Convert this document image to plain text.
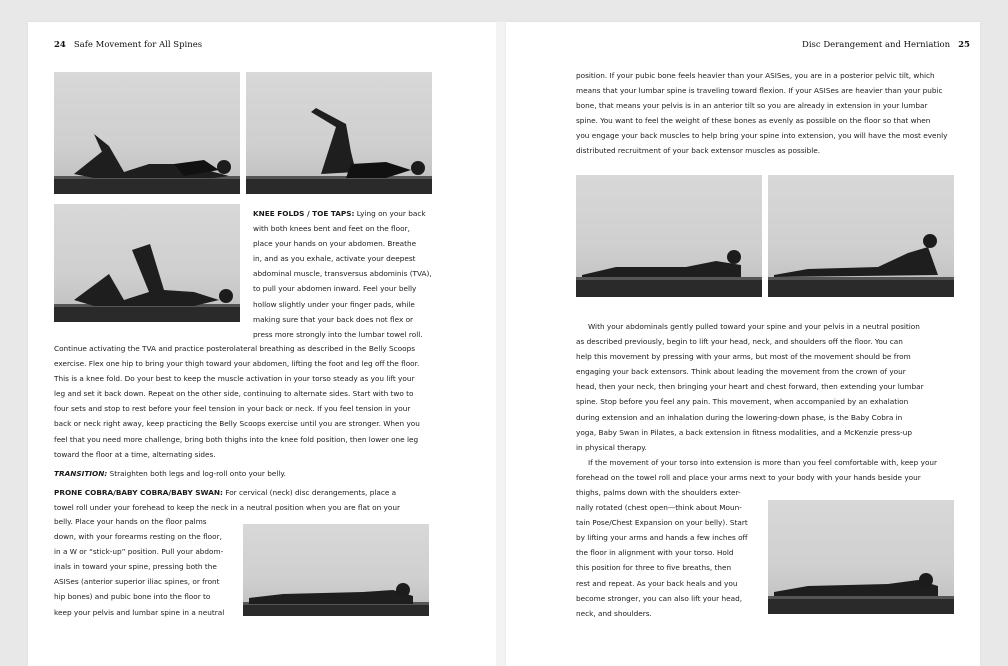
24 Safe Movement for All Spines	Disc Derangement and Herniation 25

KNEE FOLDS / TOE TAPS: Lying on your back

with both knees bent and feet on the floor,

place your hands on your abdomen. Breathe

in, and as you exhale, activate your deepest

abdominal muscle, transversus abdominis (TVA),

to pull your abdomen inward. Feel your belly

hollow slightly under your finger pads, while

making sure that your back does not flex or

press more strongly into the lumbar towel roll.

Continue activating the TVA and practice posterolateral breathing as described in the Belly Scoops

exercise. Flex one hip to bring your thigh toward your abdomen, lifting the foot and leg off the floor.

This is a knee fold. Do your best to keep the muscle activation in your torso steady as you lift your

leg and set it back down. Repeat on the other side, continuing to alternate sides. Start with two to

four sets and stop to rest before your feel tension in your back or neck. If you feel tension in your

back or neck right away, keep practicing the Belly Scoops exercise until you are stronger. When you

feel that you need more challenge, bring both thighs into the knee fold position, then lower one leg

toward the floor at a time, alternating sides.

TRANSITION: Straighten both legs and log-roll onto your belly.

PRONE COBRA/BABY COBRA/BABY SWAN: For cervical (neck) disc derangements, place a

towel roll under your forehead to keep the neck in a neutral position when you are flat on your

belly. Place your hands on the floor palms

down, with your forearms resting on the floor,

in a W or “stick-up” position. Pull your abdom-

inals in toward your spine, pressing both the

ASISes (anterior superior iliac spines, or front

hip bones) and pubic bone into the floor to

keep your pelvis and lumbar spine in a neutral

position. If your pubic bone feels heavier than your ASISes, you are in a posterior pelvic tilt, which

means that your lumbar spine is traveling toward flexion. If your ASISes are heavier than your pubic

bone, that means your pelvis is in an anterior tilt so you are already in extension in your lumbar

spine. You want to feel the weight of these bones as evenly as possible on the floor so that when

you engage your back muscles to help bring your spine into extension, you will have the most evenly

distributed recruitment of your back extensor muscles as possible.

With your abdominals gently pulled toward your spine and your pelvis in a neutral position

as described previously, begin to lift your head, neck, and shoulders off the floor. You can

help this movement by pressing with your arms, but most of the movement should be from

engaging your back extensors. Think about leading the movement from the crown of your

head, then your neck, then bringing your heart and chest forward, then extending your lumbar

spine. Stop before you feel any pain. This movement, when accompanied by an exhalation

during extension and an inhalation during the lowering-down phase, is the Baby Cobra in

yoga, Baby Swan in Pilates, a back extension in fitness modalities, and a McKenzie press-up

in physical therapy.

If the movement of your torso into extension is more than you feel comfortable with, keep your

forehead on the towel roll and place your arms next to your body with your hands beside your

thighs, palms down with the shoulders exter-

nally rotated (chest open—think about Moun-

tain Pose/Chest Expansion on your belly). Start

by lifting your arms and hands a few inches off

the floor in alignment with your torso. Hold

this position for three to five breaths, then

rest and repeat. As your back heals and you

become stronger, you can also lift your head,

neck, and shoulders.
